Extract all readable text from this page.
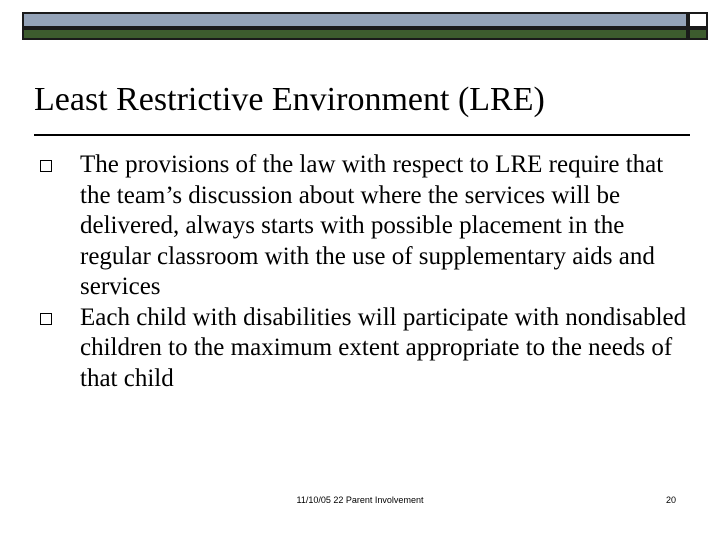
Least Restrictive Environment (LRE)
The provisions of the law with respect to LRE require that the team’s discussion about where the services will be delivered, always starts with possible placement in the regular classroom with the use of supplementary aids and services
Each child with disabilities will participate with nondisabled children to the maximum extent appropriate to the needs of that child
11/10/05 22 Parent Involvement	20
